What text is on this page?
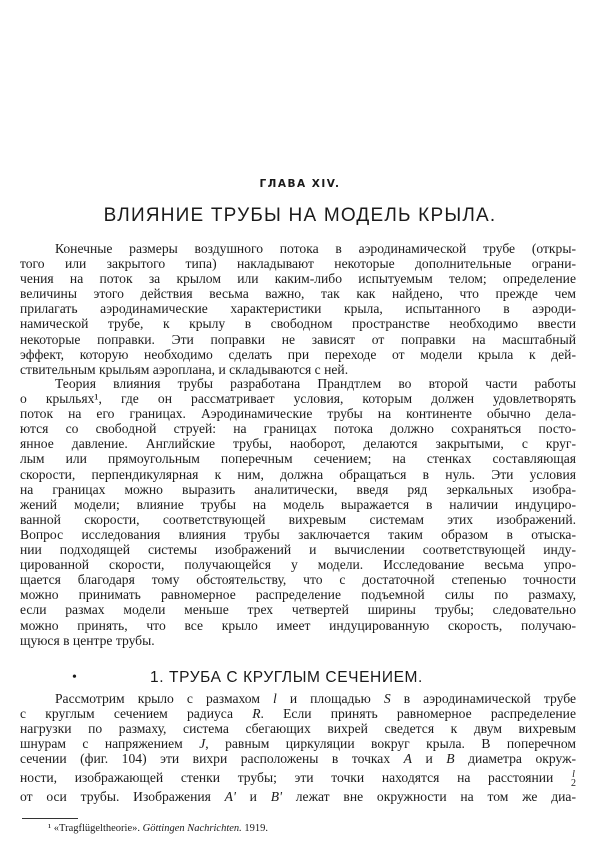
ГЛАВА XIV.
ВЛИЯНИЕ ТРУБЫ НА МОДЕЛЬ КРЫЛА.
Конечные размеры воздушного потока в аэродинамической трубе (откры-
того или закрытого типа) накладывают некоторые дополнительные ограни-
чения на поток за крылом или каким-либо испытуемым телом; определение
величины этого действия весьма важно, так как найдено, что прежде чем
прилагать аэродинамические характеристики крыла, испытанного в аэроди-
намической трубе, к крылу в свободном пространстве необходимо ввести
некоторые поправки. Эти поправки не зависят от поправки на масштабный
эффект, которую необходимо сделать при переходе от модели крыла к дей-
ствительным крыльям аэроплана, и складываются с ней.
Теория влияния трубы разработана Прандтлем во второй части работы
о крыльях¹, где он рассматривает условия, которым должен удовлетворять
поток на его границах. Аэродинамические трубы на континенте обычно дела-
ются со свободной струей: на границах потока должно сохраняться посто-
янное давление. Английские трубы, наоборот, делаются закрытыми, с круг-
лым или прямоугольным поперечным сечением; на стенках составляющая
скорости, перпендикулярная к ним, должна обращаться в нуль. Эти условия
на границах можно выразить аналитически, введя ряд зеркальных изобра-
жений модели; влияние трубы на модель выражается в наличии индуциро-
ванной скорости, соответствующей вихревым системам этих изображений.
Вопрос исследования влияния трубы заключается таким образом в отыска-
нии подходящей системы изображений и вычислении соответствующей инду-
цированной скорости, получающейся у модели. Исследование весьма упро-
щается благодаря тому обстоятельству, что с достаточной степенью точности
можно принимать равномерное распределение подъемной силы по размаху,
если размах модели меньше трех четвертей ширины трубы; следовательно
можно принять, что все крыло имеет индуцированную скорость, получаю-
щуюся в центре трубы.
•	1. ТРУБА С КРУГЛЫМ СЕЧЕНИЕМ.
Рассмотрим крыло с размахом l и площадью S в аэродинамической трубе
с круглым сечением радиуса R. Если принять равномерное распределение
нагрузки по размаху, система сбегающих вихрей сведется к двум вихревым
шнурам с напряжением J, равным циркуляции вокруг крыла. В поперечном
сечении (фиг. 104) эти вихри расположены в точках A и B диаметра окруж-
ности, изображающей стенки трубы; эти точки находятся на расстоянии l
2
от оси трубы. Изображения A' и B' лежат вне окружности на том же диа-
¹ «Tragflügeltheorie». Göttingen Nachrichten. 1919.
